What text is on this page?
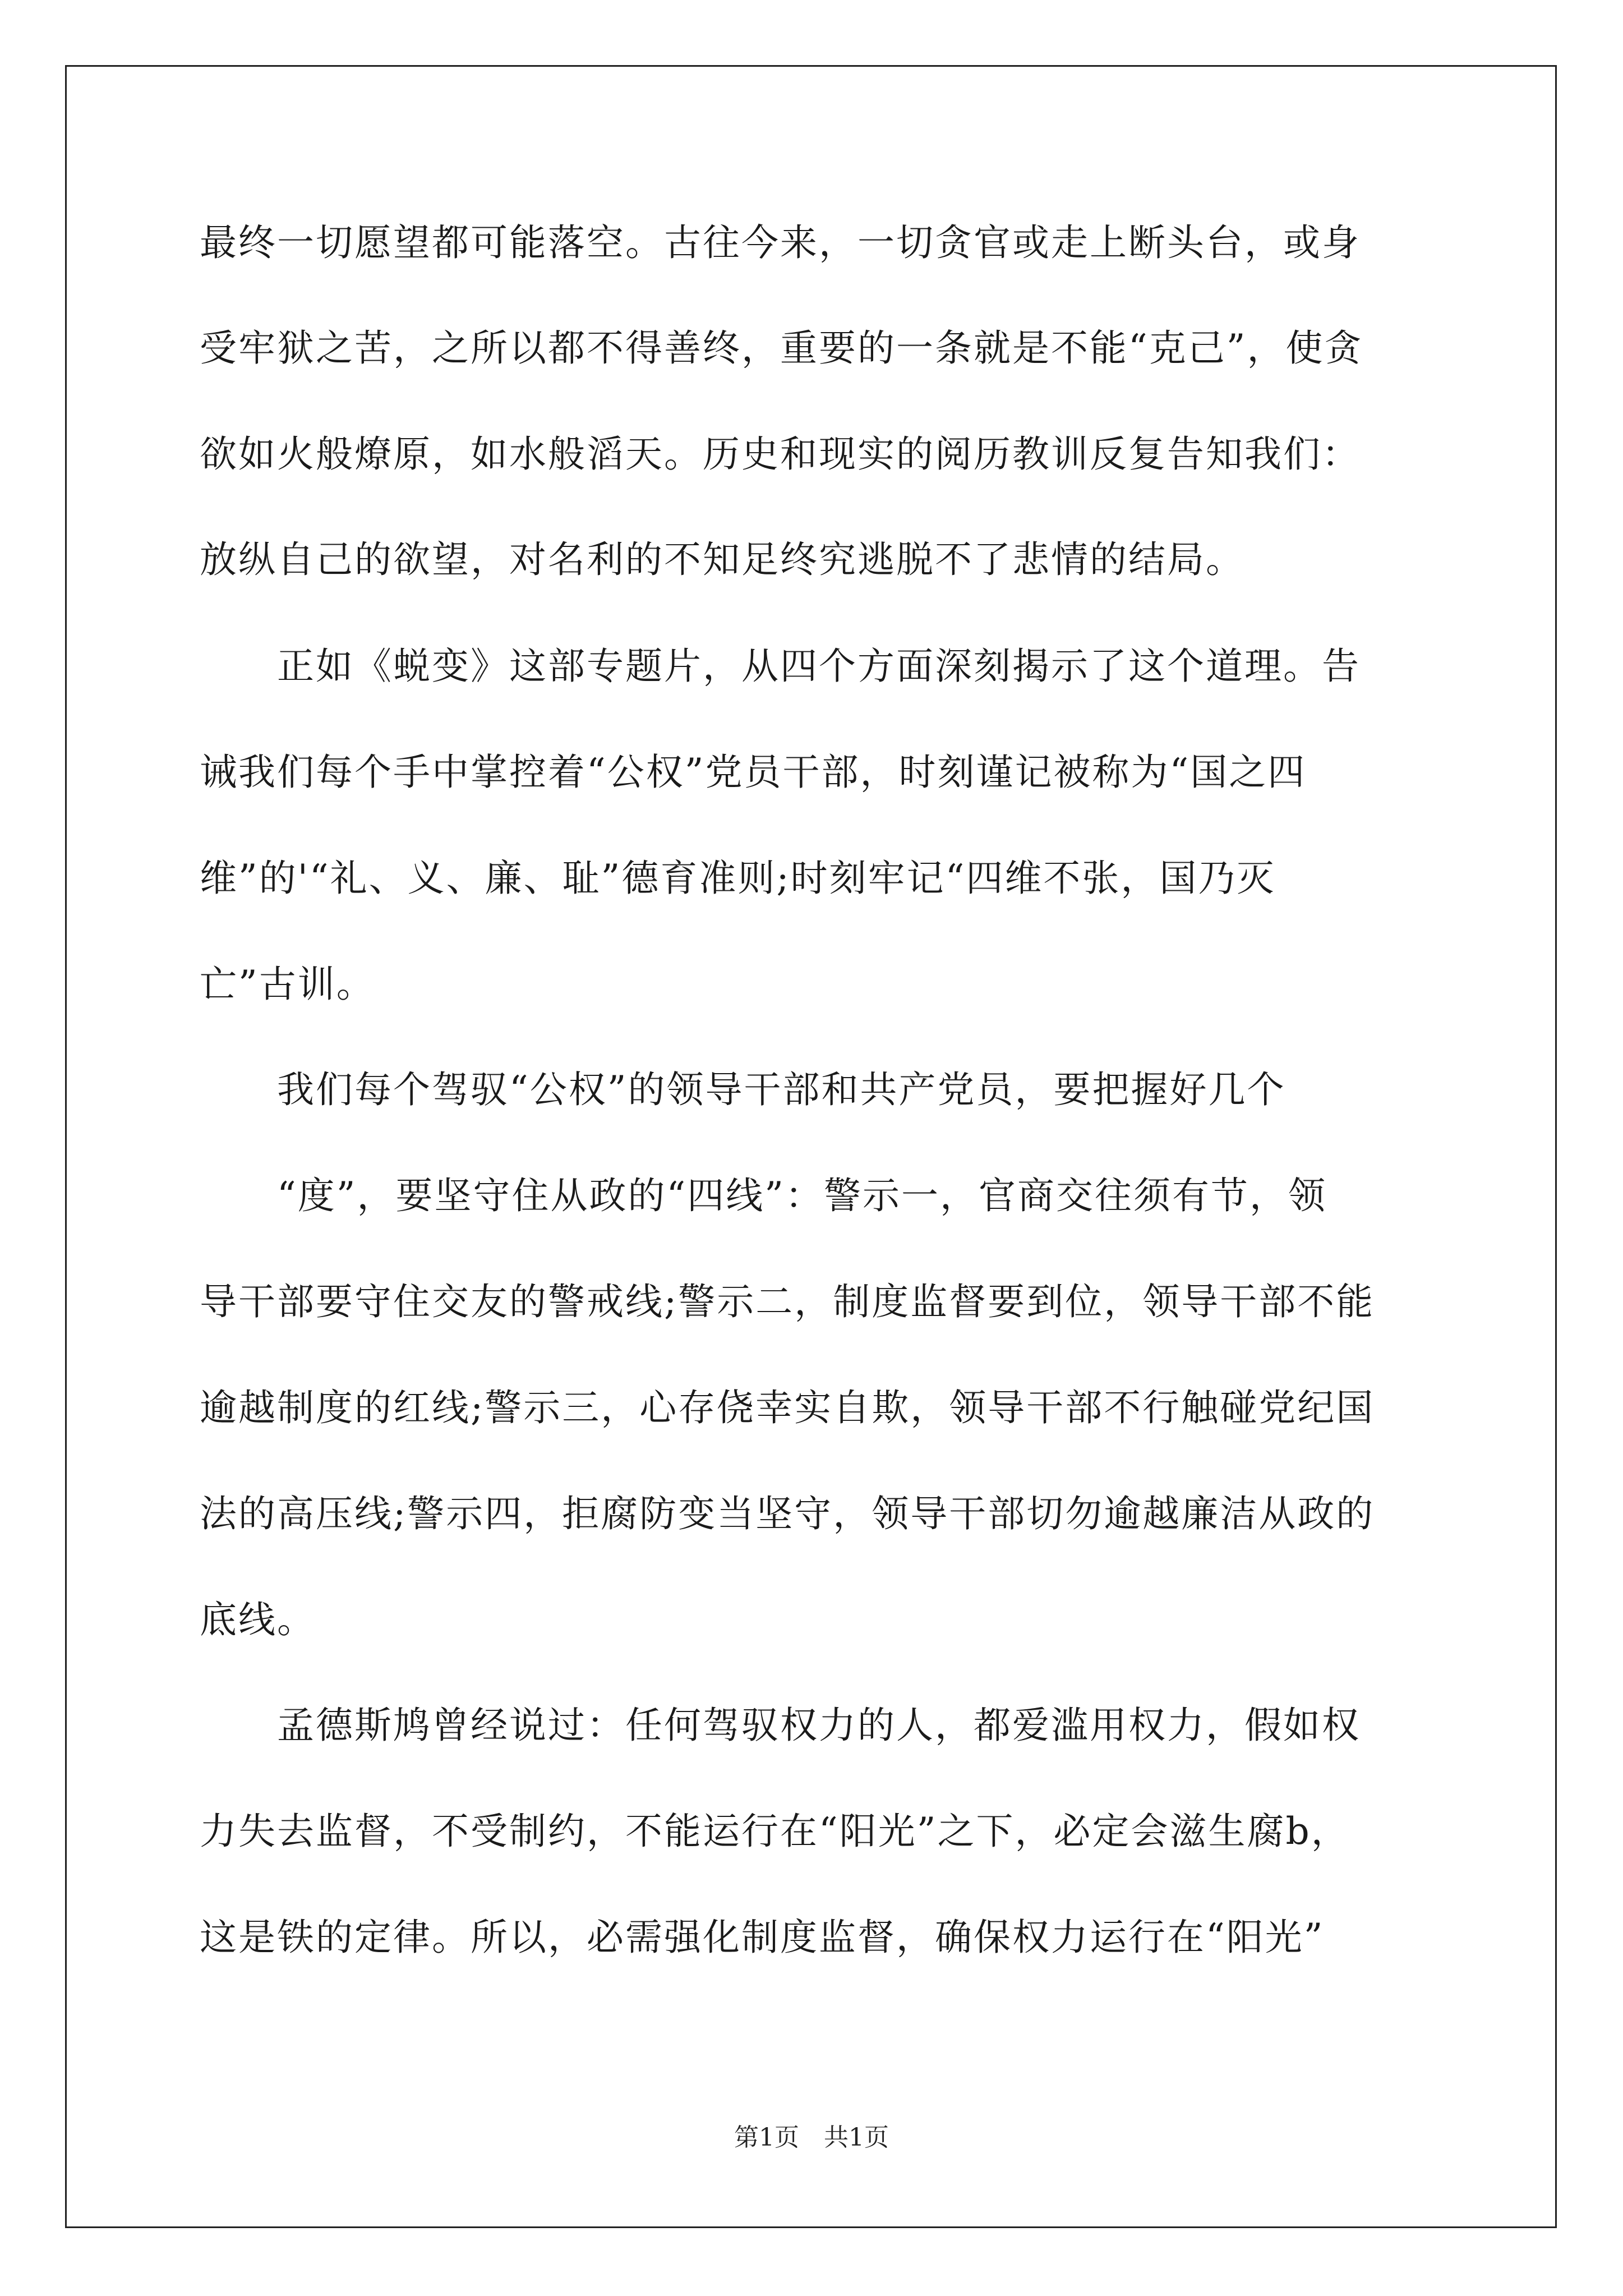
最终一切愿望都可能落空。古往今来，一切贪官或走上断头台，或身
受牢狱之苦，之所以都不得善终，重要的一条就是不能“克己”，使贪
欲如火般燎原，如水般滔天。历史和现实的阅历教训反复告知我们：
放纵自己的欲望，对名利的不知足终究逃脱不了悲情的结局。
　　正如《蜕变》这部专题片，从四个方面深刻揭示了这个道理。告
诫我们每个手中掌控着“公权”党员干部，时刻谨记被称为“国之四
维”的'“礼、义、廉、耻”德育准则;时刻牢记“四维不张，国乃灭
亡”古训。
　　我们每个驾驭“公权”的领导干部和共产党员，要把握好几个
　　“度”，要坚守住从政的“四线”：警示一，官商交往须有节，领
导干部要守住交友的警戒线;警示二，制度监督要到位，领导干部不能
逾越制度的红线;警示三，心存侥幸实自欺，领导干部不行触碰党纪国
法的高压线;警示四，拒腐防变当坚守，领导干部切勿逾越廉洁从政的
底线。
　　孟德斯鸠曾经说过：任何驾驭权力的人，都爱滥用权力，假如权
力失去监督，不受制约，不能运行在“阳光”之下，必定会滋生腐b，
这是铁的定律。所以，必需强化制度监督，确保权力运行在“阳光”
第1页　共1页
